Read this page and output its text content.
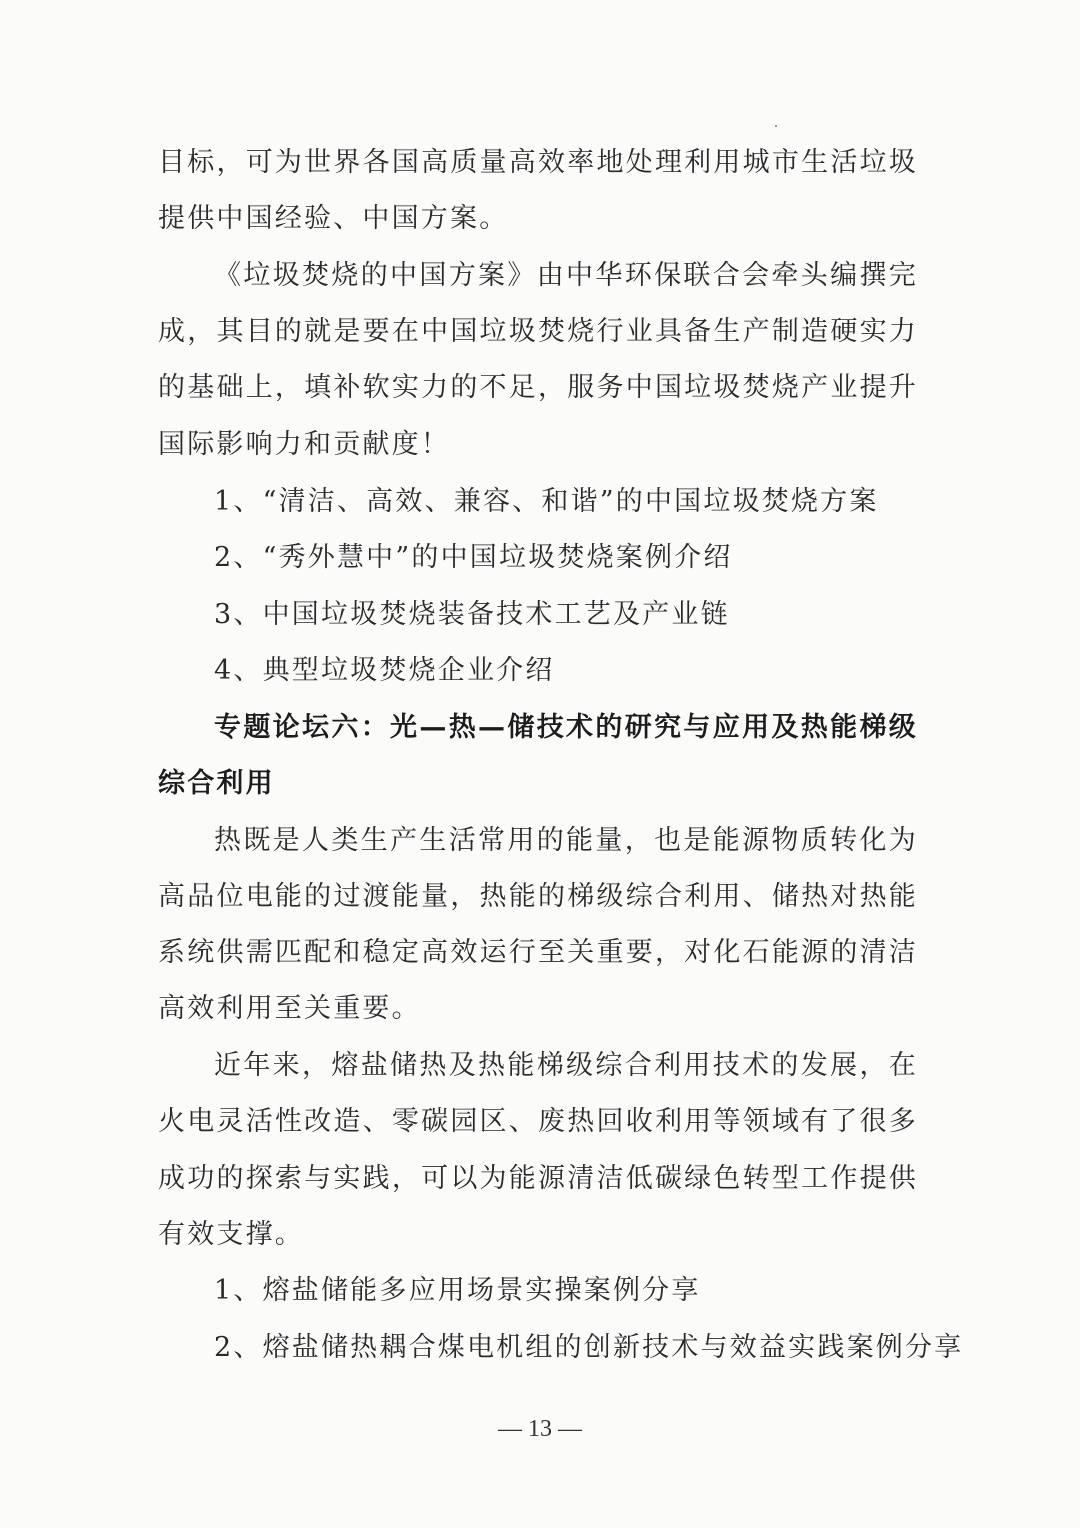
目标，可为世界各国高质量高效率地处理利用城市生活垃圾
提供中国经验、中国方案。
《垃圾焚烧的中国方案》由中华环保联合会牵头编撰完
成，其目的就是要在中国垃圾焚烧行业具备生产制造硬实力
的基础上，填补软实力的不足，服务中国垃圾焚烧产业提升
国际影响力和贡献度！
1、“清洁、高效、兼容、和谐”的中国垃圾焚烧方案
2、“秀外慧中”的中国垃圾焚烧案例介绍
3、中国垃圾焚烧装备技术工艺及产业链
4、典型垃圾焚烧企业介绍
专题论坛六：光—热—储技术的研究与应用及热能梯级
综合利用
热既是人类生产生活常用的能量，也是能源物质转化为
高品位电能的过渡能量，热能的梯级综合利用、储热对热能
系统供需匹配和稳定高效运行至关重要，对化石能源的清洁
高效利用至关重要。
近年来，熔盐储热及热能梯级综合利用技术的发展，在
火电灵活性改造、零碳园区、废热回收利用等领域有了很多
成功的探索与实践，可以为能源清洁低碳绿色转型工作提供
有效支撑。
1、熔盐储能多应用场景实操案例分享
2、熔盐储热耦合煤电机组的创新技术与效益实践案例分享
— 13 —
